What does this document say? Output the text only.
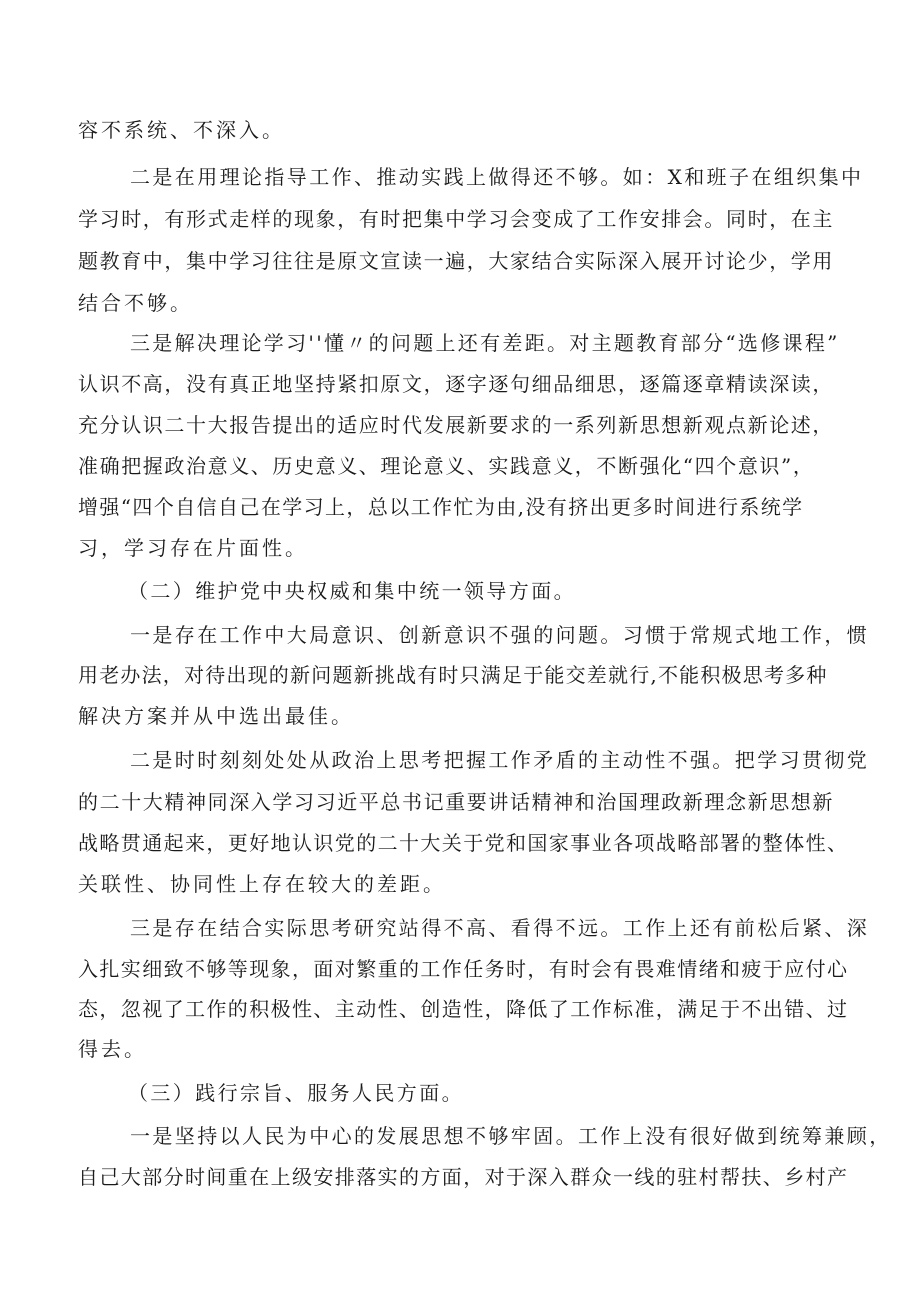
容不系统、不深入。
二是在用理论指导工作、推动实践上做得还不够。如：X和班子在组织集中
学习时，有形式走样的现象，有时把集中学习会变成了工作安排会。同时，在主
题教育中，集中学习往往是原文宣读一遍，大家结合实际深入展开讨论少，学用
结合不够。
三是解决理论学习''懂〃的问题上还有差距。对主题教育部分“选修课程”
认识不高，没有真正地坚持紧扣原文，逐字逐句细品细思，逐篇逐章精读深读，
充分认识二十大报告提出的适应时代发展新要求的一系列新思想新观点新论述，
准确把握政治意义、历史意义、理论意义、实践意义，不断强化“四个意识”，
增强“四个自信自己在学习上，总以工作忙为由,没有挤出更多时间进行系统学
习，学习存在片面性。
（二）维护党中央权威和集中统一领导方面。
一是存在工作中大局意识、创新意识不强的问题。习惯于常规式地工作，惯
用老办法，对待出现的新问题新挑战有时只满足于能交差就行,不能积极思考多种
解决方案并从中选出最佳。
二是时时刻刻处处从政治上思考把握工作矛盾的主动性不强。把学习贯彻党
的二十大精神同深入学习习近平总书记重要讲话精神和治国理政新理念新思想新
战略贯通起来，更好地认识党的二十大关于党和国家事业各项战略部署的整体性、
关联性、协同性上存在较大的差距。
三是存在结合实际思考研究站得不高、看得不远。工作上还有前松后紧、深
入扎实细致不够等现象，面对繁重的工作任务时，有时会有畏难情绪和疲于应付心
态，忽视了工作的积极性、主动性、创造性，降低了工作标准，满足于不出错、过
得去。
（三）践行宗旨、服务人民方面。
一是坚持以人民为中心的发展思想不够牢固。工作上没有很好做到统筹兼顾，
自己大部分时间重在上级安排落实的方面，对于深入群众一线的驻村帮扶、乡村产
